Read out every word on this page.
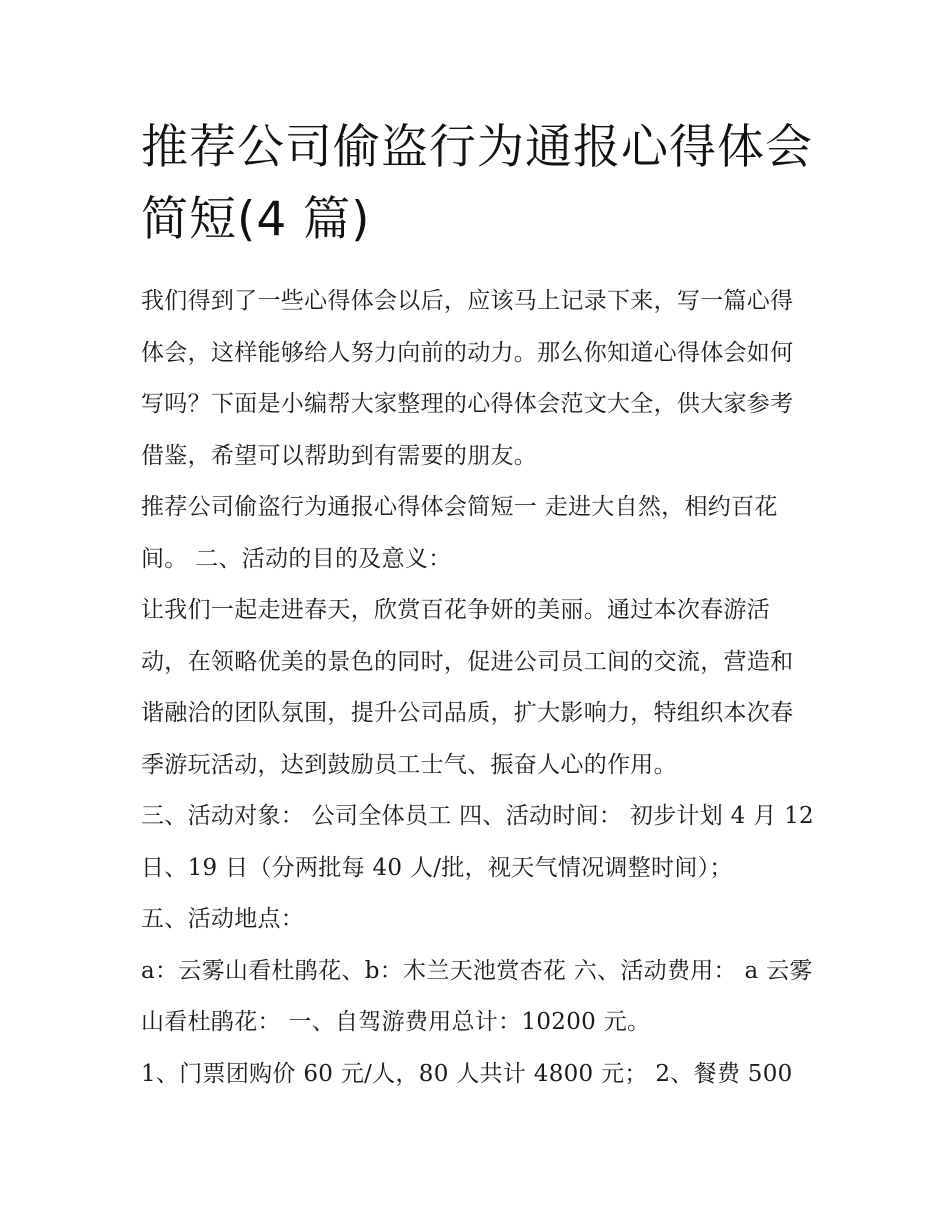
推荐公司偷盗行为通报心得体会简短(4 篇)

我们得到了一些心得体会以后，应该马上记录下来，写一篇心得体会，这样能够给人努力向前的动力。那么你知道心得体会如何写吗？下面是小编帮大家整理的心得体会范文大全，供大家参考借鉴，希望可以帮助到有需要的朋友。

推荐公司偷盗行为通报心得体会简短一 走进大自然，相约百花间。 二、活动的目的及意义：

让我们一起走进春天，欣赏百花争妍的美丽。通过本次春游活动，在领略优美的景色的同时，促进公司员工间的交流，营造和谐融洽的团队氛围，提升公司品质，扩大影响力，特组织本次春季游玩活动，达到鼓励员工士气、振奋人心的作用。

三、活动对象： 公司全体员工 四、活动时间： 初步计划 4 月 12 日、19 日（分两批每 40 人/批，视天气情况调整时间）；

五、活动地点：

a：云雾山看杜鹃花、b：木兰天池赏杏花 六、活动费用： a 云雾山看杜鹃花： 一、自驾游费用总计：10200 元。

1、门票团购价 60 元/人，80 人共计 4800 元； 2、餐费 500
